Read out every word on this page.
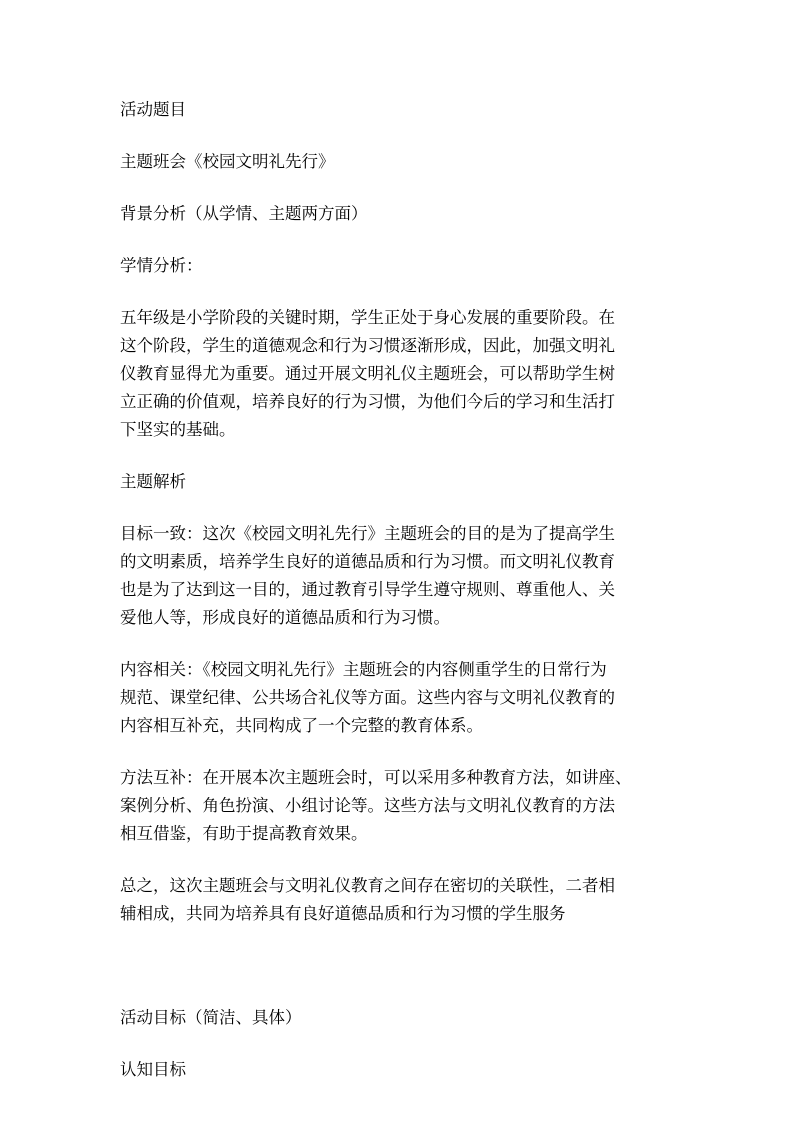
活动题目

主题班会《校园文明礼先行》

背景分析（从学情、主题两方面）

学情分析：

五年级是小学阶段的关键时期，学生正处于身心发展的重要阶段。在

这个阶段，学生的道德观念和行为习惯逐渐形成，因此，加强文明礼

仪教育显得尤为重要。通过开展文明礼仪主题班会，可以帮助学生树

立正确的价值观，培养良好的行为习惯，为他们今后的学习和生活打

下坚实的基础。

主题解析

目标一致：这次《校园文明礼先行》主题班会的目的是为了提高学生

的文明素质，培养学生良好的道德品质和行为习惯。而文明礼仪教育

也是为了达到这一目的，通过教育引导学生遵守规则、尊重他人、关

爱他人等，形成良好的道德品质和行为习惯。

内容相关：《校园文明礼先行》主题班会的内容侧重学生的日常行为

规范、课堂纪律、公共场合礼仪等方面。这些内容与文明礼仪教育的

内容相互补充，共同构成了一个完整的教育体系。

方法互补：在开展本次主题班会时，可以采用多种教育方法，如讲座、

案例分析、角色扮演、小组讨论等。这些方法与文明礼仪教育的方法

相互借鉴，有助于提高教育效果。

总之，这次主题班会与文明礼仪教育之间存在密切的关联性，二者相

辅相成，共同为培养具有良好道德品质和行为习惯的学生服务

活动目标（简洁、具体）

认知目标
